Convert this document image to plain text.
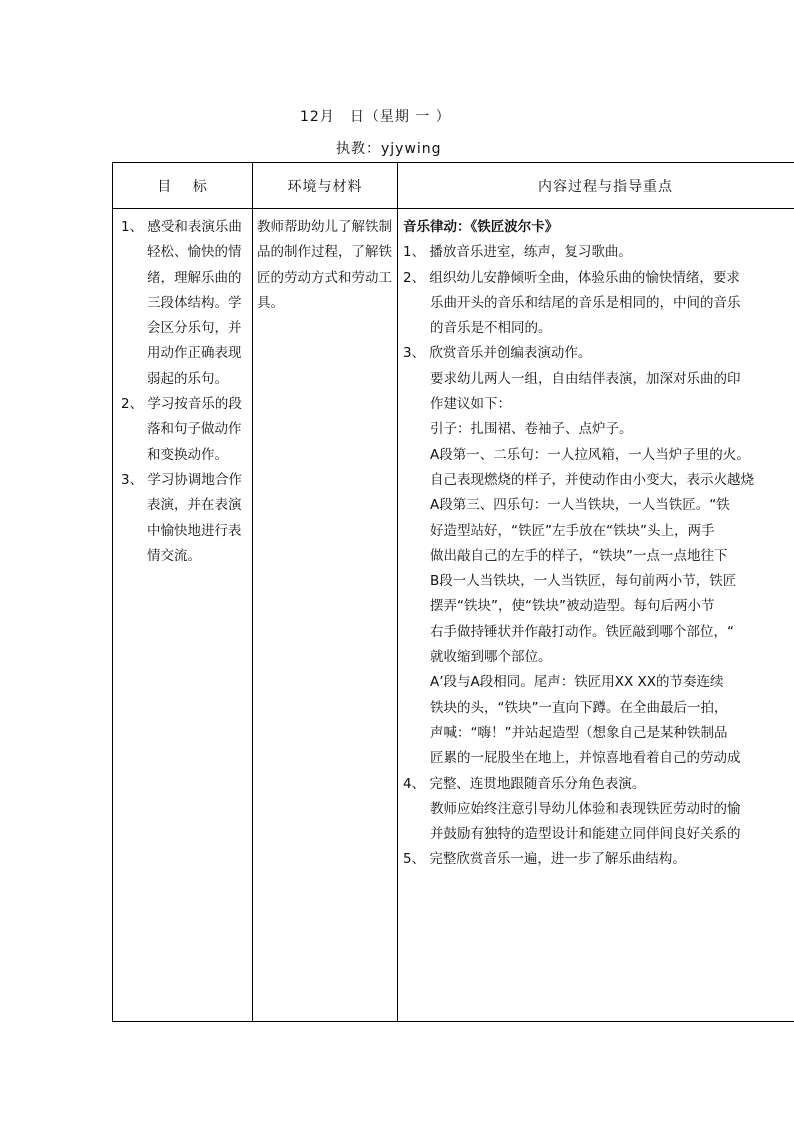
12月　日（星期 一 ）
执教：yjywing
目　 标	环境与材料	内容过程与指导重点

1、 感受和表演乐曲轻松、愉快的情绪，理解乐曲的三段体结构。学会区分乐句，并用动作正确表现弱起的乐句。

2、 学习按音乐的段落和句子做动作和变换动作。

3、 学习协调地合作表演，并在表演中愉快地进行表情交流。

教师帮助幼儿了解铁制品的制作过程，了解铁匠的劳动方式和劳动工具。

音乐律动：《铁匠波尔卡》
1、 播放音乐进室，练声，复习歌曲。
2、 组织幼儿安静倾听全曲，体验乐曲的愉快情绪，要求
乐曲开头的音乐和结尾的音乐是相同的，中间的音乐
的音乐是不相同的。
3、 欣赏音乐并创编表演动作。
要求幼儿两人一组，自由结伴表演，加深对乐曲的印
作建议如下：
引子：扎围裙、卷袖子、点炉子。
A段第一、二乐句：一人拉风箱，一人当炉子里的火。
自己表现燃烧的样子，并使动作由小变大，表示火越烧
A段第三、四乐句：一人当铁块，一人当铁匠。“铁
好造型站好，“铁匠”左手放在“铁块”头上，两手
做出敲自己的左手的样子，“铁块”一点一点地往下
B段一人当铁块，一人当铁匠，每句前两小节，铁匠
摆弄“铁块”，使“铁块”被动造型。每句后两小节
右手做持锤状并作敲打动作。铁匠敲到哪个部位，“
就收缩到哪个部位。
A’段与A段相同。尾声：铁匠用XX XX的节奏连续
铁块的头，“铁块”一直向下蹲。在全曲最后一拍，
声喊：“嗨！”并站起造型（想象自己是某种铁制品
匠累的一屁股坐在地上，并惊喜地看着自己的劳动成
4、 完整、连贯地跟随音乐分角色表演。
教师应始终注意引导幼儿体验和表现铁匠劳动时的愉
并鼓励有独特的造型设计和能建立同伴间良好关系的
5、 完整欣赏音乐一遍，进一步了解乐曲结构。
